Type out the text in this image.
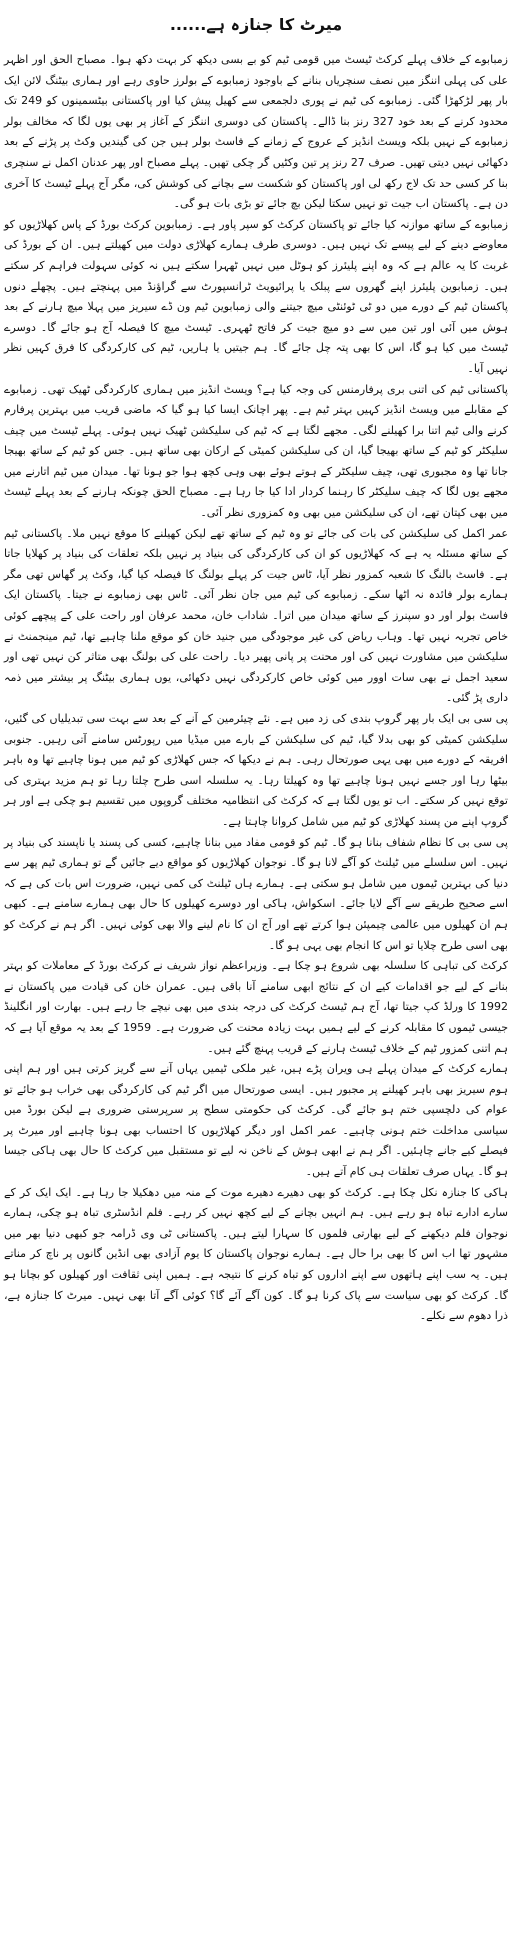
میرٹ کا جنازہ ہے......

زمبابوے کے خلاف پہلے کرکٹ ٹیسٹ میں قومی ٹیم کو بے بسی دیکھ کر بہت دکھ ہوا۔ مصباح الحق اور اظہر علی کی پہلی اننگز میں نصف سنچریاں بنانے کے باوجود زمبابوے کے بولرز حاوی رہے اور ہماری بیٹنگ لائن ایک بار پھر لڑکھڑا گئی۔ زمبابوے کی ٹیم نے پوری دلجمعی سے کھیل پیش کیا اور پاکستانی بیٹسمینوں کو 249 تک محدود کرنے کے بعد خود 327 رنز بنا ڈالے۔ پاکستان کی دوسری اننگز کے آغاز پر بھی یوں لگا کہ مخالف بولر زمبابوے کے نہیں بلکہ ویسٹ انڈیز کے عروج کے زمانے کے فاسٹ بولر ہیں جن کی گیندیں وکٹ پر پڑنے کے بعد دکھائی نہیں دیتی تھیں۔ صرف 27 رنز پر تین وکٹیں گر چکی تھیں۔ پہلے مصباح اور پھر عدنان اکمل نے سنچری بنا کر کسی حد تک لاج رکھ لی اور پاکستان کو شکست سے بچانے کی کوشش کی، مگر آج پہلے ٹیسٹ کا آخری دن ہے۔ پاکستان اب جیت تو نہیں سکتا لیکن بچ جائے تو بڑی بات ہو گی۔

زمبابوے کے ساتھ موازنہ کیا جائے تو پاکستان کرکٹ کو سپر پاور ہے۔ زمبابوین کرکٹ بورڈ کے پاس کھلاڑیوں کو معاوضے دینے کے لیے پیسے تک نہیں ہیں۔ دوسری طرف ہمارے کھلاڑی دولت میں کھیلتے ہیں۔ ان کے بورڈ کی غربت کا یہ عالم ہے کہ وہ اپنے پلیئرز کو ہوٹل میں نہیں ٹھہرا سکتے ہیں نہ کوئی سہولت فراہم کر سکتے ہیں۔ زمبابوین پلیئرز اپنے گھروں سے پبلک یا پرائیویٹ ٹرانسپورٹ سے گراؤنڈ میں پہنچتے ہیں۔ پچھلے دنوں پاکستان ٹیم کے دورے میں دو ٹی ٹوئنٹی میچ جیتنے والی زمبابوین ٹیم ون ڈے سیریز میں پہلا میچ ہارنے کے بعد ہوش میں آئی اور تین میں سے دو میچ جیت کر فاتح ٹھہری۔ ٹیسٹ میچ کا فیصلہ آج ہو جائے گا۔ دوسرے ٹیسٹ میں کیا ہو گا، اس کا بھی پتہ چل جائے گا۔ ہم جیتیں یا ہاریں، ٹیم کی کارکردگی کا فرق کہیں نظر نہیں آیا۔

پاکستانی ٹیم کی اتنی بری پرفارمنس کی وجہ کیا ہے؟ ویسٹ انڈیز میں ہماری کارکردگی ٹھیک تھی۔ زمبابوے کے مقابلے میں ویسٹ انڈیز کہیں بہتر ٹیم ہے۔ پھر اچانک ایسا کیا ہو گیا کہ ماضی قریب میں بہترین پرفارم کرنے والی ٹیم اتنا برا کھیلنے لگی۔ مجھے لگتا ہے کہ ٹیم کی سلیکشن ٹھیک نہیں ہوئی۔ پہلے ٹیسٹ میں چیف سلیکٹر کو ٹیم کے ساتھ بھیجا گیا، ان کی سلیکشن کمیٹی کے ارکان بھی ساتھ ہیں۔ جس کو ٹیم کے ساتھ بھیجا جانا تھا وہ مجبوری تھی، چیف سلیکٹر کے ہوتے ہوئے بھی وہی کچھ ہوا جو ہونا تھا۔ میدان میں ٹیم اتارنے میں مجھے یوں لگا کہ چیف سلیکٹر کا رہنما کردار ادا کیا جا رہا ہے۔ مصباح الحق چونکہ ہارنے کے بعد پہلے ٹیسٹ میں بھی کپتان تھے، ان کی سلیکشن میں بھی وہ کمزوری نظر آئی۔

عمر اکمل کی سلیکشن کی بات کی جائے تو وہ ٹیم کے ساتھ تھے لیکن کھیلنے کا موقع نہیں ملا۔ پاکستانی ٹیم کے ساتھ مسئلہ یہ ہے کہ کھلاڑیوں کو ان کی کارکردگی کی بنیاد پر نہیں بلکہ تعلقات کی بنیاد پر کھلایا جاتا ہے۔ فاسٹ بالنگ کا شعبہ کمزور نظر آیا، ٹاس جیت کر پہلے بولنگ کا فیصلہ کیا گیا، وکٹ پر گھاس تھی مگر ہمارے بولر فائدہ نہ اٹھا سکے۔ زمبابوے کی ٹیم میں جان نظر آئی۔ ٹاس بھی زمبابوے نے جیتا۔ پاکستان ایک فاسٹ بولر اور دو سپنرز کے ساتھ میدان میں اترا۔ شاداب خان، محمد عرفان اور راحت علی کے پیچھے کوئی خاص تجربہ نہیں تھا۔ وہاب ریاض کی غیر موجودگی میں جنید خان کو موقع ملنا چاہیے تھا، ٹیم مینجمنٹ نے سلیکشن میں مشاورت نہیں کی اور محنت پر پانی پھیر دیا۔ راحت علی کی بولنگ بھی متاثر کن نہیں تھی اور سعید اجمل نے بھی سات اوور میں کوئی خاص کارکردگی نہیں دکھائی، یوں ہماری بیٹنگ پر بیشتر میں ذمہ داری پڑ گئی۔

پی سی بی ایک بار پھر گروپ بندی کی زد میں ہے۔ نئے چیئرمین کے آنے کے بعد سے بہت سی تبدیلیاں کی گئیں، سلیکشن کمیٹی کو بھی بدلا گیا، ٹیم کی سلیکشن کے بارے میں میڈیا میں رپورٹس سامنے آتی رہیں۔ جنوبی افریقہ کے دورے میں بھی یہی صورتحال رہی۔ ہم نے دیکھا کہ جس کھلاڑی کو ٹیم میں ہونا چاہیے تھا وہ باہر بیٹھا رہا اور جسے نہیں ہونا چاہیے تھا وہ کھیلتا رہا۔ یہ سلسلہ اسی طرح چلتا رہا تو ہم مزید بہتری کی توقع نہیں کر سکتے۔ اب تو یوں لگتا ہے کہ کرکٹ کی انتظامیہ مختلف گروپوں میں تقسیم ہو چکی ہے اور ہر گروپ اپنے من پسند کھلاڑی کو ٹیم میں شامل کروانا چاہتا ہے۔

پی سی بی کا نظام شفاف بنانا ہو گا۔ ٹیم کو قومی مفاد میں بنانا چاہیے، کسی کی پسند یا ناپسند کی بنیاد پر نہیں۔ اس سلسلے میں ٹیلنٹ کو آگے لانا ہو گا۔ نوجوان کھلاڑیوں کو مواقع دیے جائیں گے تو ہماری ٹیم پھر سے دنیا کی بہترین ٹیموں میں شامل ہو سکتی ہے۔ ہمارے ہاں ٹیلنٹ کی کمی نہیں، ضرورت اس بات کی ہے کہ اسے صحیح طریقے سے آگے لایا جائے۔ اسکواش، ہاکی اور دوسرے کھیلوں کا حال بھی ہمارے سامنے ہے۔ کبھی ہم ان کھیلوں میں عالمی چیمپئن ہوا کرتے تھے اور آج ان کا نام لینے والا بھی کوئی نہیں۔ اگر ہم نے کرکٹ کو بھی اسی طرح چلایا تو اس کا انجام بھی یہی ہو گا۔

کرکٹ کی تباہی کا سلسلہ بھی شروع ہو چکا ہے۔ وزیراعظم نواز شریف نے کرکٹ بورڈ کے معاملات کو بہتر بنانے کے لیے جو اقدامات کیے ان کے نتائج ابھی سامنے آنا باقی ہیں۔ عمران خان کی قیادت میں پاکستان نے 1992 کا ورلڈ کپ جیتا تھا، آج ہم ٹیسٹ کرکٹ کی درجہ بندی میں بھی نیچے جا رہے ہیں۔ بھارت اور انگلینڈ جیسی ٹیموں کا مقابلہ کرنے کے لیے ہمیں بہت زیادہ محنت کی ضرورت ہے۔ 1959 کے بعد یہ موقع آیا ہے کہ ہم اتنی کمزور ٹیم کے خلاف ٹیسٹ ہارنے کے قریب پہنچ گئے ہیں۔

ہمارے کرکٹ کے میدان پہلے ہی ویران پڑے ہیں، غیر ملکی ٹیمیں یہاں آنے سے گریز کرتی ہیں اور ہم اپنی ہوم سیریز بھی باہر کھیلنے پر مجبور ہیں۔ ایسی صورتحال میں اگر ٹیم کی کارکردگی بھی خراب ہو جائے تو عوام کی دلچسپی ختم ہو جائے گی۔ کرکٹ کی حکومتی سطح پر سرپرستی ضروری ہے لیکن بورڈ میں سیاسی مداخلت ختم ہونی چاہیے۔ عمر اکمل اور دیگر کھلاڑیوں کا احتساب بھی ہونا چاہیے اور میرٹ پر فیصلے کیے جانے چاہئیں۔ اگر ہم نے ابھی ہوش کے ناخن نہ لیے تو مستقبل میں کرکٹ کا حال بھی ہاکی جیسا ہو گا۔ یہاں صرف تعلقات ہی کام آتے ہیں۔

ہاکی کا جنازہ نکل چکا ہے۔ کرکٹ کو بھی دھیرے دھیرے موت کے منہ میں دھکیلا جا رہا ہے۔ ایک ایک کر کے سارے ادارے تباہ ہو رہے ہیں۔ ہم انہیں بچانے کے لیے کچھ نہیں کر رہے۔ فلم انڈسٹری تباہ ہو چکی، ہمارے نوجوان فلم دیکھنے کے لیے بھارتی فلموں کا سہارا لیتے ہیں۔ پاکستانی ٹی وی ڈرامہ جو کبھی دنیا بھر میں مشہور تھا اب اس کا بھی برا حال ہے۔ ہمارے نوجوان پاکستان کا یوم آزادی بھی انڈین گانوں پر ناچ کر مناتے ہیں۔ یہ سب اپنے ہاتھوں سے اپنے اداروں کو تباہ کرنے کا نتیجہ ہے۔ ہمیں اپنی ثقافت اور کھیلوں کو بچانا ہو گا۔ کرکٹ کو بھی سیاست سے پاک کرنا ہو گا۔ کون آگے آئے گا؟ کوئی آگے آتا بھی نہیں۔ میرٹ کا جنازہ ہے، ذرا دھوم سے نکلے۔
